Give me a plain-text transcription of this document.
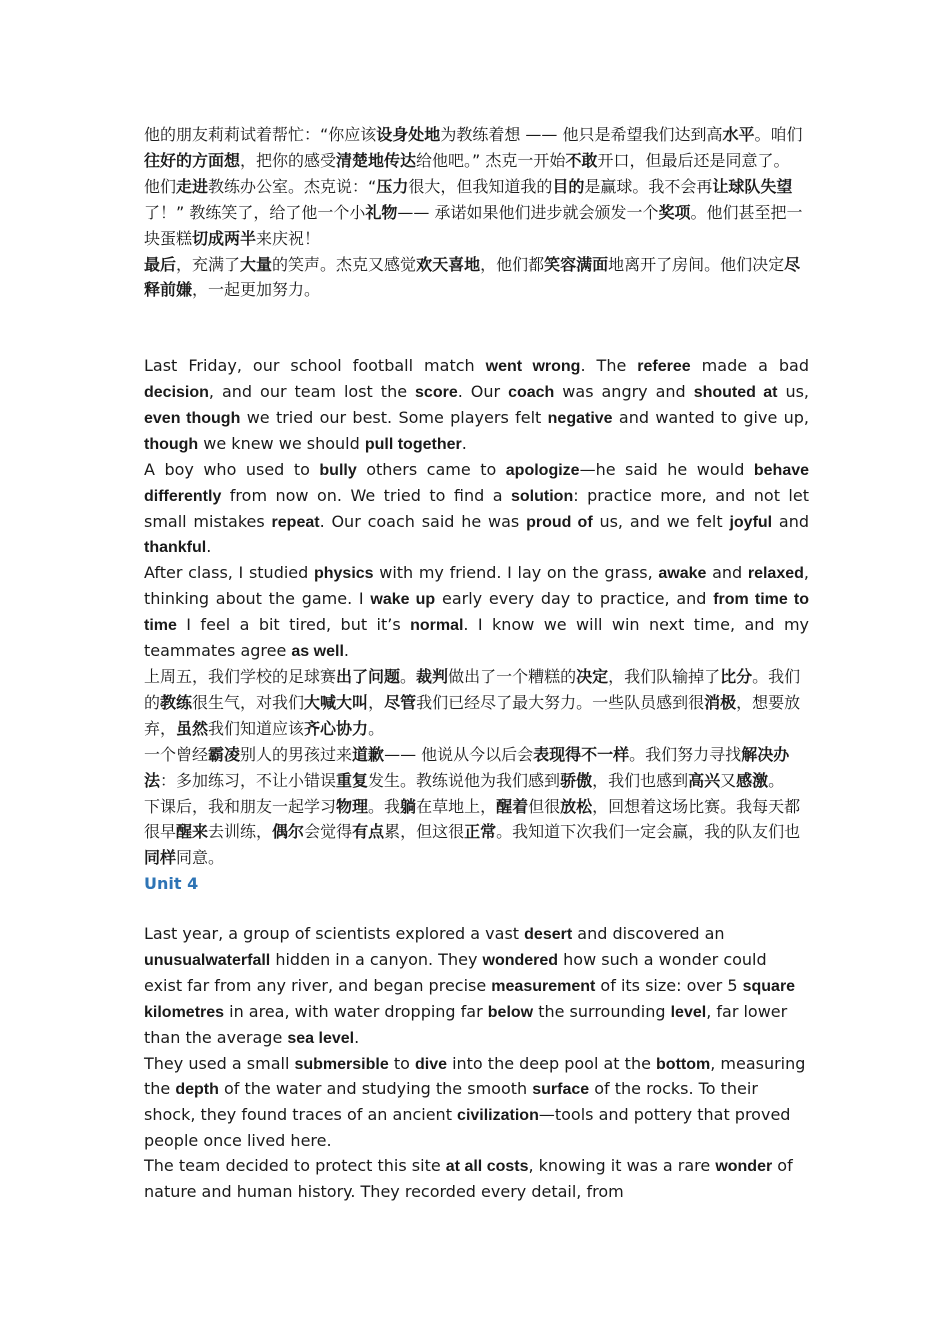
他的朋友莉莉试着帮忙：“你应该设身处地为教练着想 —— 他只是希望我们达到高水平。咱们往好的方面想，把你的感受清楚地传达给他吧。” 杰克一开始不敢开口，但最后还是同意了。

他们走进教练办公室。杰克说：“压力很大，但我知道我的目的是赢球。我不会再让球队失望了！” 教练笑了，给了他一个小礼物—— 承诺如果他们进步就会颁发一个奖项。他们甚至把一块蛋糕切成两半来庆祝！

最后，充满了大量的笑声。杰克又感觉欢天喜地，他们都笑容满面地离开了房间。他们决定尽释前嫌，一起更加努力。

Last Friday, our school football match went wrong. The referee made a bad decision, and our team lost the score. Our coach was angry and shouted at us, even though we tried our best. Some players felt negative and wanted to give up, though we knew we should pull together.

A boy who used to bully others came to apologize—he said he would behave differently from now on. We tried to find a solution: practice more, and not let small mistakes repeat. Our coach said he was proud of us, and we felt joyful and thankful.

After class, I studied physics with my friend. I lay on the grass, awake and relaxed, thinking about the game. I wake up early every day to practice, and from time to time I feel a bit tired, but it’s normal. I know we will win next time, and my teammates agree as well.

上周五，我们学校的足球赛出了问题。裁判做出了一个糟糕的决定，我们队输掉了比分。我们的教练很生气，对我们大喊大叫，尽管我们已经尽了最大努力。一些队员感到很消极，想要放弃，虽然我们知道应该齐心协力。

一个曾经霸凌别人的男孩过来道歉—— 他说从今以后会表现得不一样。我们努力寻找解决办法：多加练习，不让小错误重复发生。教练说他为我们感到骄傲，我们也感到高兴又感激。

下课后，我和朋友一起学习物理。我躺在草地上，醒着但很放松，回想着这场比赛。我每天都很早醒来去训练，偶尔会觉得有点累，但这很正常。我知道下次我们一定会赢，我的队友们也同样同意。

Unit 4

Last year, a group of scientists explored a vast desert and discovered an unusualwaterfall hidden in a canyon. They wondered how such a wonder could exist far from any river, and began precise measurement of its size: over 5 square kilometres in area, with water dropping far below the surrounding level, far lower than the average sea level.

They used a small submersible to dive into the deep pool at the bottom, measuring the depth of the water and studying the smooth surface of the rocks. To their shock, they found traces of an ancient civilization—tools and pottery that proved people once lived here.

The team decided to protect this site at all costs, knowing it was a rare wonder of nature and human history. They recorded every detail, from
